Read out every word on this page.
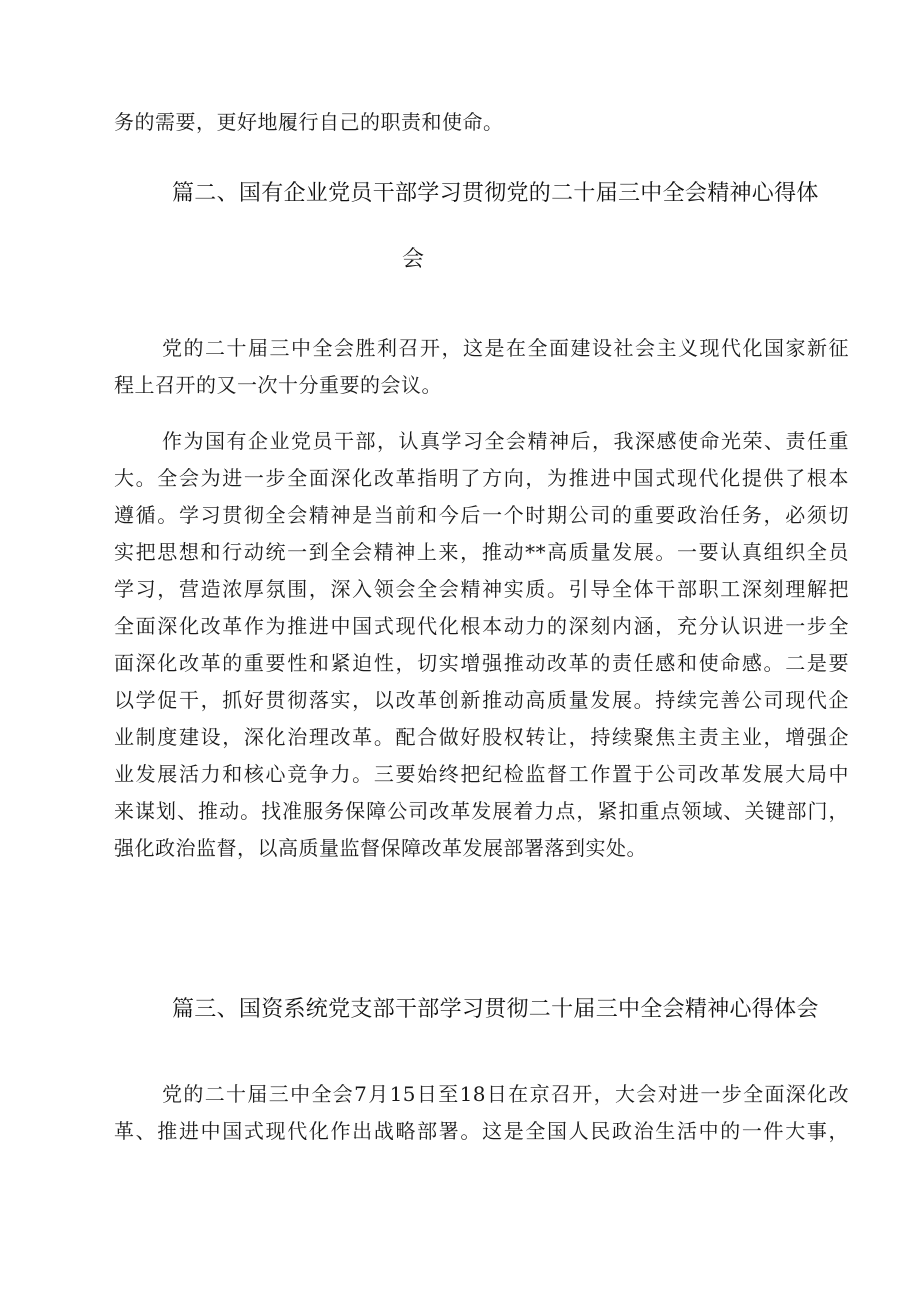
务的需要，更好地履行自己的职责和使命。

篇二、国有企业党员干部学习贯彻党的二十届三中全会精神心得体
会

党的二十届三中全会胜利召开，这是在全面建设社会主义现代化国家新征

程上召开的又一次十分重要的会议。

作为国有企业党员干部，认真学习全会精神后，我深感使命光荣、责任重

大。全会为进一步全面深化改革指明了方向，为推进中国式现代化提供了根本

遵循。学习贯彻全会精神是当前和今后一个时期公司的重要政治任务，必须切

实把思想和行动统一到全会精神上来，推动**高质量发展。一要认真组织全员

学习，营造浓厚氛围，深入领会全会精神实质。引导全体干部职工深刻理解把

全面深化改革作为推进中国式现代化根本动力的深刻内涵，充分认识进一步全

面深化改革的重要性和紧迫性，切实增强推动改革的责任感和使命感。二是要

以学促干，抓好贯彻落实，以改革创新推动高质量发展。持续完善公司现代企

业制度建设，深化治理改革。配合做好股权转让，持续聚焦主责主业，增强企

业发展活力和核心竞争力。三要始终把纪检监督工作置于公司改革发展大局中

来谋划、推动。找准服务保障公司改革发展着力点，紧扣重点领域、关键部门，

强化政治监督，以高质量监督保障改革发展部署落到实处。

篇三、国资系统党支部干部学习贯彻二十届三中全会精神心得体会

党的二十届三中全会7月15日至18日在京召开，大会对进一步全面深化改

革、推进中国式现代化作出战略部署。这是全国人民政治生活中的一件大事，
